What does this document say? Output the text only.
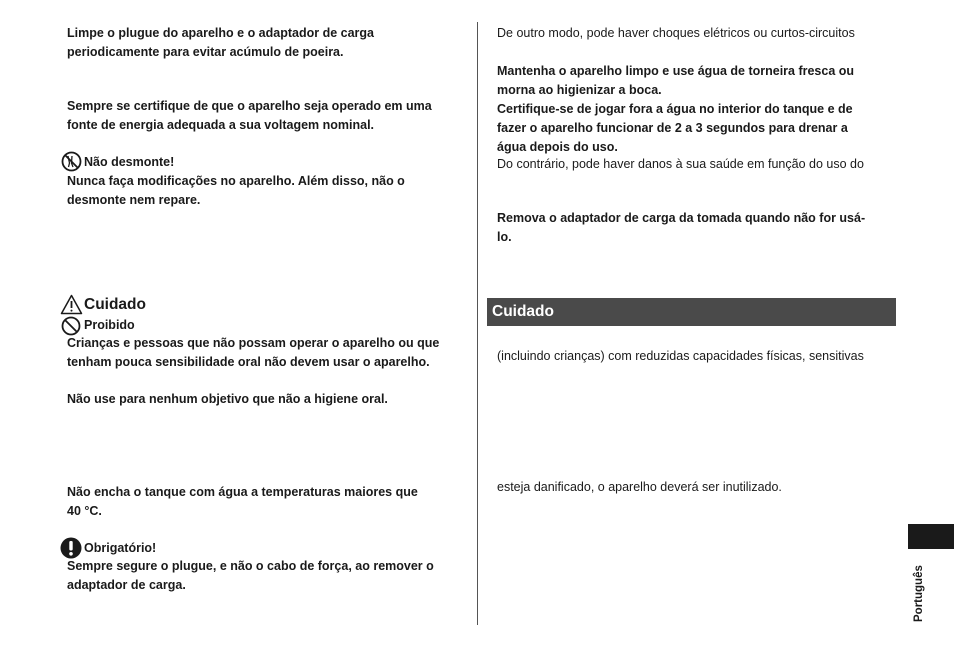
Limpe o plugue do aparelho e o adaptador de carga
periodicamente para evitar acúmulo de poeira.
Sempre se certifique de que o aparelho seja operado em uma
fonte de energia adequada a sua voltagem nominal.
Não desmonte!
Nunca faça modificações no aparelho. Além disso, não o
desmonte nem repare.
Cuidado
Proibido
Crianças e pessoas que não possam operar o aparelho ou que
tenham pouca sensibilidade oral não devem usar o aparelho.
Não use para nenhum objetivo que não a higiene oral.
Não encha o tanque com água a temperaturas maiores que
40 °C.
Obrigatório!
Sempre segure o plugue, e não o cabo de força, ao remover o
adaptador de carga.
De outro modo, pode haver choques elétricos ou curtos-circuitos
Mantenha o aparelho limpo e use água de torneira fresca ou
morna ao higienizar a boca.
Certifique-se de jogar fora a água no interior do tanque e de
fazer o aparelho funcionar de 2 a 3 segundos para drenar a
água depois do uso.
Do contrário, pode haver danos à sua saúde em função do uso do
Remova o adaptador de carga da tomada quando não for usá-
lo.
Cuidado
(incluindo crianças) com reduzidas capacidades físicas, sensitivas
esteja danificado, o aparelho deverá ser inutilizado.
Português
